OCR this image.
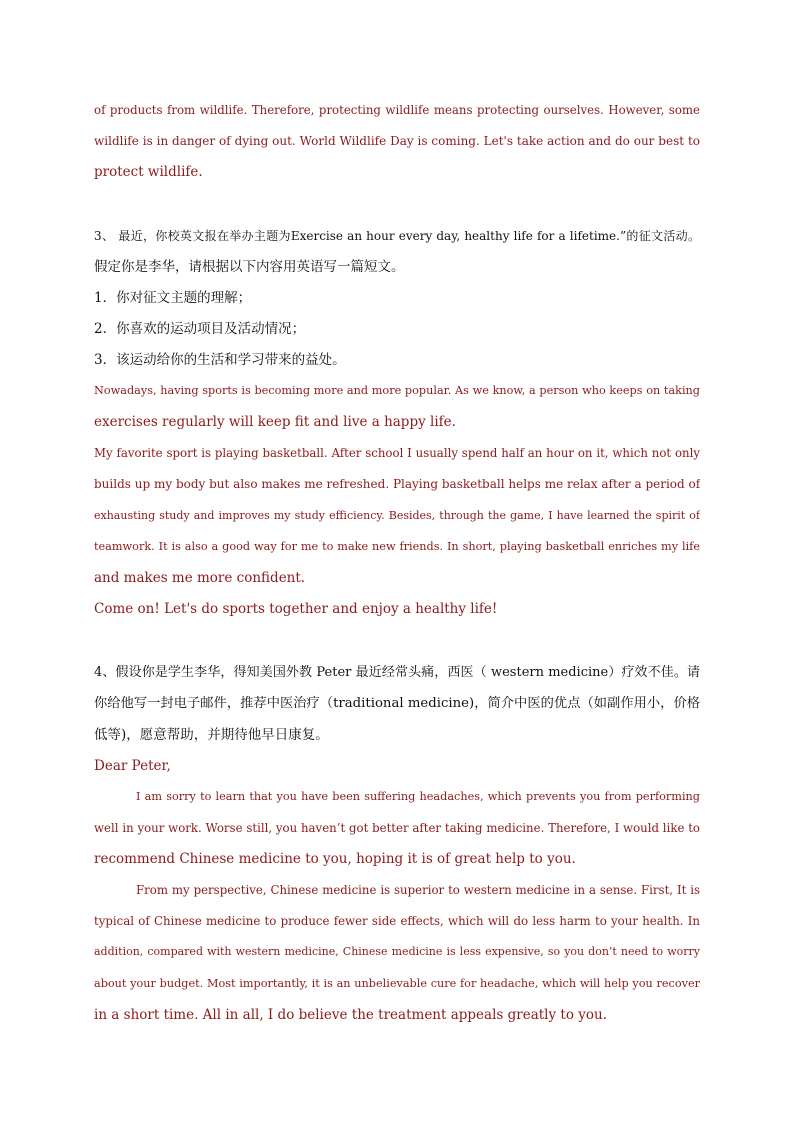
of products from wildlife. Therefore, protecting wildlife means protecting ourselves. However, some
wildlife is in danger of dying out. World Wildlife Day is coming. Let's take action and do our best to
protect wildlife.
3、 最近，你校英文报在举办主题为Exercise an hour every day, healthy life for a lifetime.”的征文活动。
假定你是李华，请根据以下内容用英语写一篇短文。
1．你对征文主题的理解；
2．你喜欢的运动项目及活动情况；
3．该运动给你的生活和学习带来的益处。
Nowadays, having sports is becoming more and more popular. As we know, a person who keeps on taking
exercises regularly will keep fit and live a happy life.
My favorite sport is playing basketball. After school I usually spend half an hour on it, which not only
builds up my body but also makes me refreshed. Playing basketball helps me relax after a period of
exhausting study and improves my study efficiency. Besides, through the game, I have learned the spirit of
teamwork. It is also a good way for me to make new friends. In short, playing basketball enriches my life
and makes me more confident.
Come on! Let's do sports together and enjoy a healthy life!
4、假设你是学生李华，得知美国外教 Peter 最近经常头痛，西医（ western medicine）疗效不佳。请
你给他写一封电子邮件，推荐中医治疗（traditional medicine)，简介中医的优点（如副作用小，价格
低等)，愿意帮助，并期待他早日康复。
Dear Peter,
I am sorry to learn that you have been suffering headaches, which prevents you from performing
well in your work. Worse still, you haven’t got better after taking medicine. Therefore, I would like to
recommend Chinese medicine to you, hoping it is of great help to you.
From my perspective, Chinese medicine is superior to western medicine in a sense. First, It is
typical of Chinese medicine to produce fewer side effects, which will do less harm to your health. In
addition, compared with western medicine, Chinese medicine is less expensive, so you don’t need to worry
about your budget. Most importantly, it is an unbelievable cure for headache, which will help you recover
in a short time. All in all, I do believe the treatment appeals greatly to you.
